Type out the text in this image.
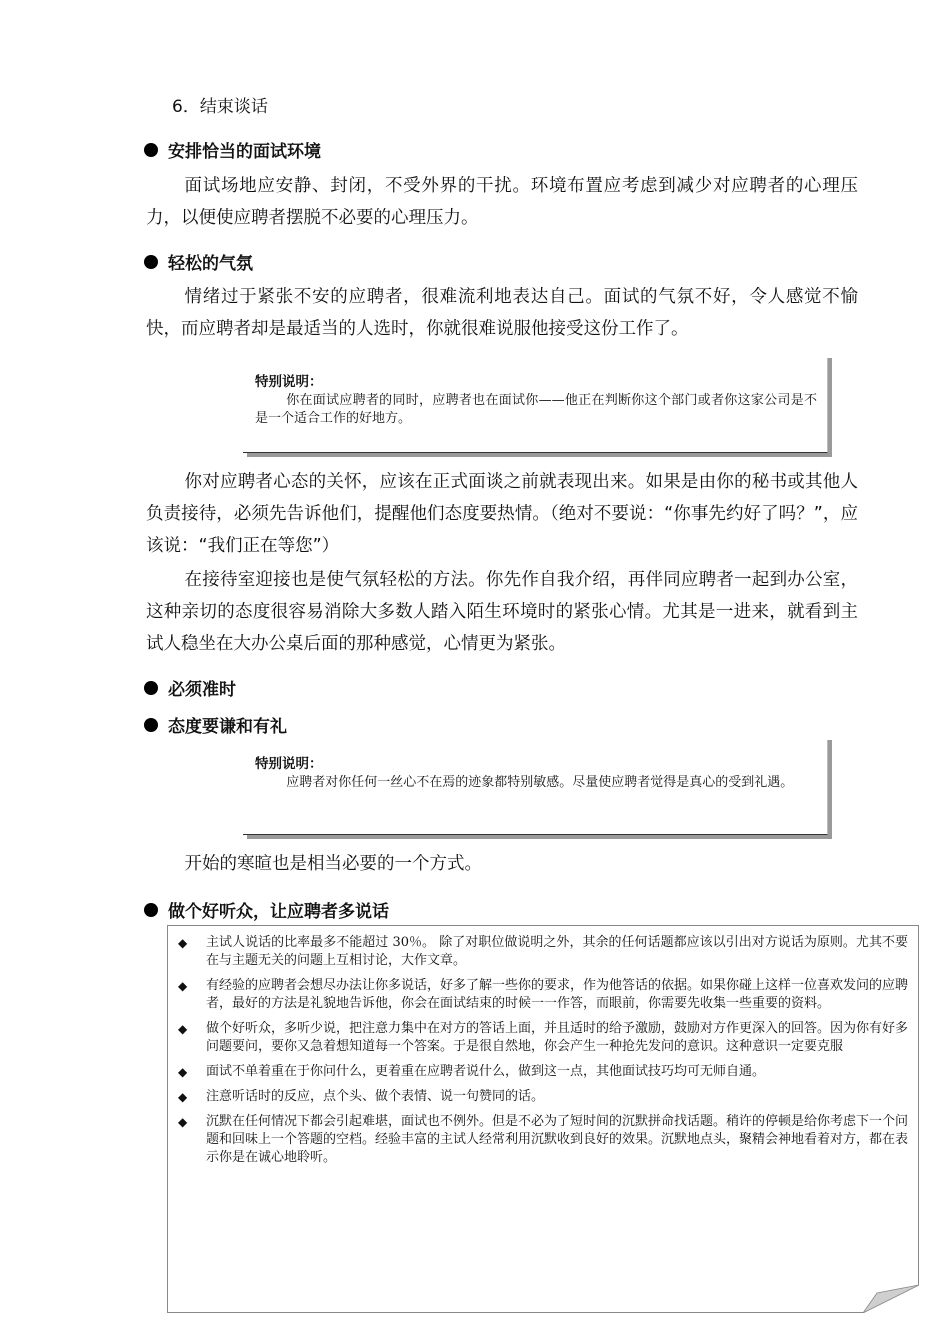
6．结束谈话
安排恰当的面试环境
面试场地应安静、封闭，不受外界的干扰。环境布置应考虑到减少对应聘者的心理压力，以便使应聘者摆脱不必要的心理压力。
轻松的气氛
情绪过于紧张不安的应聘者，很难流利地表达自己。面试的气氛不好，令人感觉不愉快，而应聘者却是最适当的人选时，你就很难说服他接受这份工作了。
特别说明：
你在面试应聘者的同时，应聘者也在面试你——他正在判断你这个部门或者你这家公司是不是一个适合工作的好地方。
你对应聘者心态的关怀，应该在正式面谈之前就表现出来。如果是由你的秘书或其他人负责接待，必须先告诉他们，提醒他们态度要热情。（绝对不要说：“你事先约好了吗？”，应该说：“我们正在等您”）
在接待室迎接也是使气氛轻松的方法。你先作自我介绍，再伴同应聘者一起到办公室，这种亲切的态度很容易消除大多数人踏入陌生环境时的紧张心情。尤其是一进来，就看到主试人稳坐在大办公桌后面的那种感觉，心情更为紧张。
必须准时
态度要谦和有礼
特别说明：
应聘者对你任何一丝心不在焉的迹象都特别敏感。尽量使应聘者觉得是真心的受到礼遇。
开始的寒暄也是相当必要的一个方式。
做个好听众，让应聘者多说话
◆	主试人说话的比率最多不能超过 30％。 除了对职位做说明之外，其余的任何话题都应该以引出对方说话为原则。尤其不要在与主题无关的问题上互相讨论，大作文章。
◆	有经验的应聘者会想尽办法让你多说话，好多了解一些你的要求，作为他答话的依据。如果你碰上这样一位喜欢发问的应聘者，最好的方法是礼貌地告诉他，你会在面试结束的时候一一作答，而眼前，你需要先收集一些重要的资料。
◆	做个好听众，多听少说，把注意力集中在对方的答话上面，并且适时的给予激励，鼓励对方作更深入的回答。因为你有好多问题要问，要你又急着想知道每一个答案。于是很自然地，你会产生一种抢先发问的意识。这种意识一定要克服
◆	面试不单着重在于你问什么，更着重在应聘者说什么，做到这一点，其他面试技巧均可无师自通。
◆	注意听话时的反应，点个头、做个表情、说一句赞同的话。
◆	沉默在任何情况下都会引起难堪，面试也不例外。但是不必为了短时间的沉默拼命找话题。稍许的停顿是给你考虑下一个问题和回味上一个答题的空档。经验丰富的主试人经常利用沉默收到良好的效果。沉默地点头，聚精会神地看着对方，都在表示你是在诚心地聆听。
